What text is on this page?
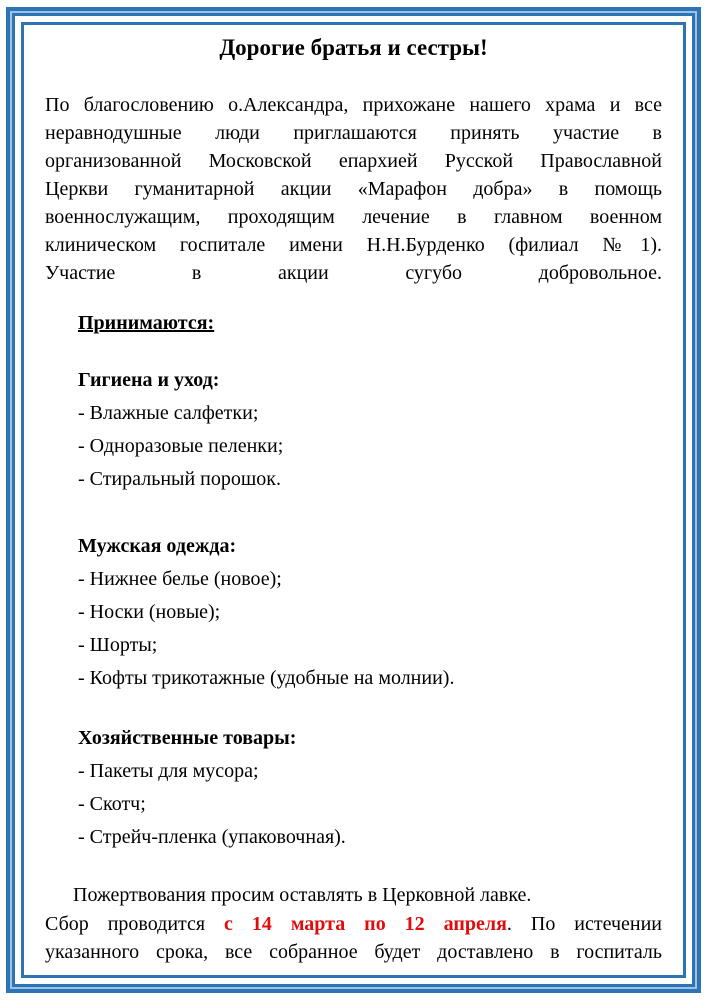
Дорогие братья и сестры!
По благословению о.Александра, прихожане нашего храма и все
неравнодушные люди приглашаются принять участие в
организованной Московской епархией Русской Православной
Церкви гуманитарной акции «Марафон добра» в помощь
военнослужащим, проходящим лечение в главном военном
клиническом госпитале имени Н.Н.Бурденко (филиал №1).
Участие в акции сугубо добровольное.

Принимаются:

Гигиена и уход:

- Влажные салфетки;

- Одноразовые пеленки;

- Стиральный порошок.

Мужская одежда:

- Нижнее белье (новое);

- Носки (новые);

- Шорты;

- Кофты трикотажные (удобные на молнии).

Хозяйственные товары:

- Пакеты для мусора;

- Скотч;

- Стрейч-пленка (упаковочная).

Пожертвования просим оставлять в Церковной лавке.

Сбор проводится с 14 марта по 12 апреля. По истечении
указанного срока, все собранное будет доставлено в госпиталь
